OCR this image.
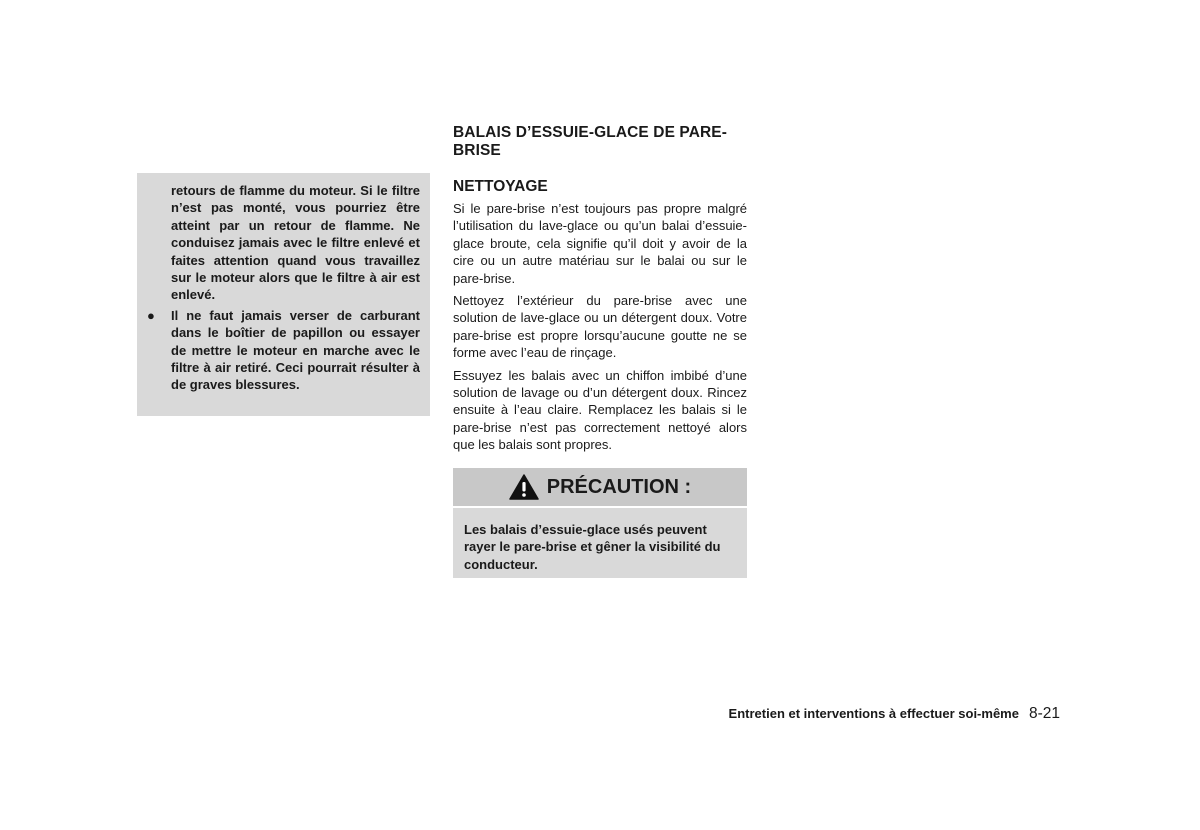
retours de flamme du moteur. Si le filtre n’est pas monté, vous pourriez être atteint par un retour de flamme. Ne conduisez jamais avec le filtre enlevé et faites attention quand vous travaillez sur le moteur alors que le filtre à air est enlevé.

● Il ne faut jamais verser de carburant dans le boîtier de papillon ou essayer de mettre le moteur en marche avec le filtre à air retiré. Ceci pourrait résulter à de graves blessures.

BALAIS D’ESSUIE-GLACE DE PARE-BRISE
NETTOYAGE

Si le pare-brise n’est toujours pas propre malgré l’utilisation du lave-glace ou qu’un balai d’essuie-glace broute, cela signifie qu’il doit y avoir de la cire ou un autre matériau sur le balai ou sur le pare-brise.

Nettoyez l’extérieur du pare-brise avec une solution de lave-glace ou un détergent doux. Votre pare-brise est propre lorsqu’aucune goutte ne se forme avec l’eau de rinçage.

Essuyez les balais avec un chiffon imbibé d’une solution de lavage ou d’un détergent doux. Rincez ensuite à l’eau claire. Remplacez les balais si le pare-brise n’est pas correctement nettoyé alors que les balais sont propres.

PRÉCAUTION :
Les balais d’essuie-glace usés peuvent rayer le pare-brise et gêner la visibilité du conducteur.
Entretien et interventions à effectuer soi-même 8-21
